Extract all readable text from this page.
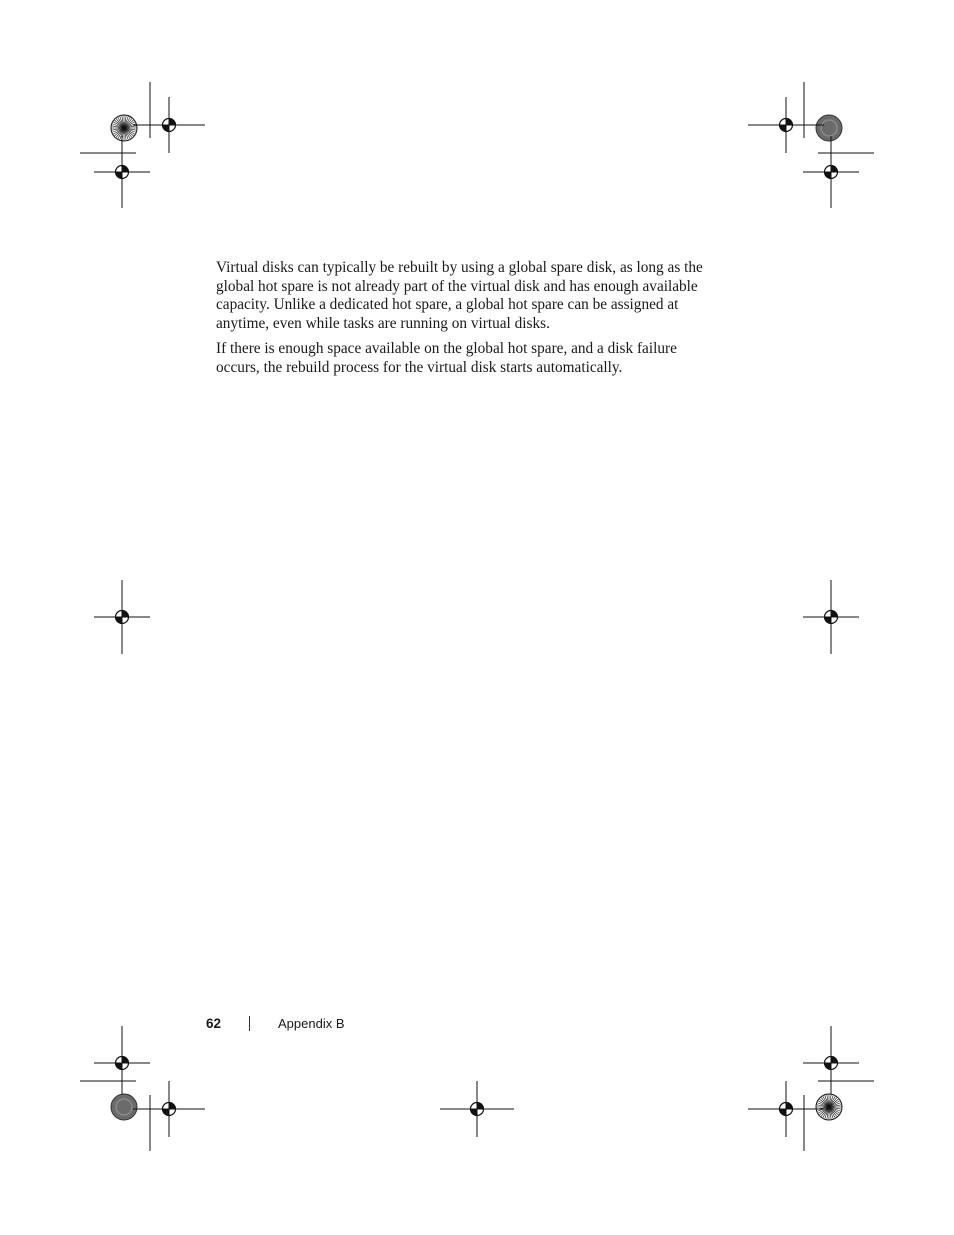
Virtual disks can typically be rebuilt by using a global spare disk, as long as the global hot spare is not already part of the virtual disk and has enough available capacity. Unlike a dedicated hot spare, a global hot spare can be assigned at anytime, even while tasks are running on virtual disks.

If there is enough space available on the global hot spare, and a disk failure occurs, the rebuild process for the virtual disk starts automatically.

62	Appendix B
